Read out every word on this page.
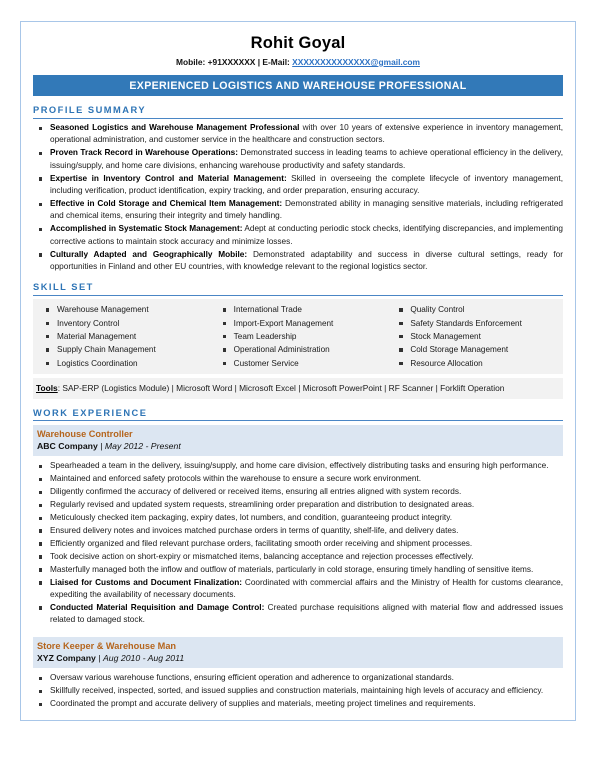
Rohit Goyal
Mobile: +91XXXXXX | E-Mail: XXXXXXXXXXXXXX@gmail.com
EXPERIENCED LOGISTICS AND WAREHOUSE PROFESSIONAL
PROFILE SUMMARY
Seasoned Logistics and Warehouse Management Professional with over 10 years of extensive experience in inventory management, operational administration, and customer service in the healthcare and construction sectors.
Proven Track Record in Warehouse Operations: Demonstrated success in leading teams to achieve operational efficiency in the delivery, issuing/supply, and home care divisions, enhancing warehouse productivity and safety standards.
Expertise in Inventory Control and Material Management: Skilled in overseeing the complete lifecycle of inventory management, including verification, product identification, expiry tracking, and order preparation, ensuring accuracy.
Effective in Cold Storage and Chemical Item Management: Demonstrated ability in managing sensitive materials, including refrigerated and chemical items, ensuring their integrity and timely handling.
Accomplished in Systematic Stock Management: Adept at conducting periodic stock checks, identifying discrepancies, and implementing corrective actions to maintain stock accuracy and minimize losses.
Culturally Adapted and Geographically Mobile: Demonstrated adaptability and success in diverse cultural settings, ready for opportunities in Finland and other EU countries, with knowledge relevant to the regional logistics sector.
SKILL SET
Warehouse Management
Inventory Control
Material Management
Supply Chain Management
Logistics Coordination
International Trade
Import-Export Management
Team Leadership
Operational Administration
Customer Service
Quality Control
Safety Standards Enforcement
Stock Management
Cold Storage Management
Resource Allocation
Tools: SAP-ERP (Logistics Module) | Microsoft Word | Microsoft Excel | Microsoft PowerPoint | RF Scanner | Forklift Operation
WORK EXPERIENCE
Warehouse Controller
ABC Company | May 2012 - Present
Spearheaded a team in the delivery, issuing/supply, and home care division, effectively distributing tasks and ensuring high performance.
Maintained and enforced safety protocols within the warehouse to ensure a secure work environment.
Diligently confirmed the accuracy of delivered or received items, ensuring all entries aligned with system records.
Regularly revised and updated system requests, streamlining order preparation and distribution to designated areas.
Meticulously checked item packaging, expiry dates, lot numbers, and condition, guaranteeing product integrity.
Ensured delivery notes and invoices matched purchase orders in terms of quantity, shelf-life, and delivery dates.
Efficiently organized and filed relevant purchase orders, facilitating smooth order receiving and shipment processes.
Took decisive action on short-expiry or mismatched items, balancing acceptance and rejection processes effectively.
Masterfully managed both the inflow and outflow of materials, particularly in cold storage, ensuring timely handling of sensitive items.
Liaised for Customs and Document Finalization: Coordinated with commercial affairs and the Ministry of Health for customs clearance, expediting the availability of necessary documents.
Conducted Material Requisition and Damage Control: Created purchase requisitions aligned with material flow and addressed issues related to damaged stock.
Store Keeper & Warehouse Man
XYZ Company | Aug 2010 - Aug 2011
Oversaw various warehouse functions, ensuring efficient operation and adherence to organizational standards.
Skillfully received, inspected, sorted, and issued supplies and construction materials, maintaining high levels of accuracy and efficiency.
Coordinated the prompt and accurate delivery of supplies and materials, meeting project timelines and requirements.
